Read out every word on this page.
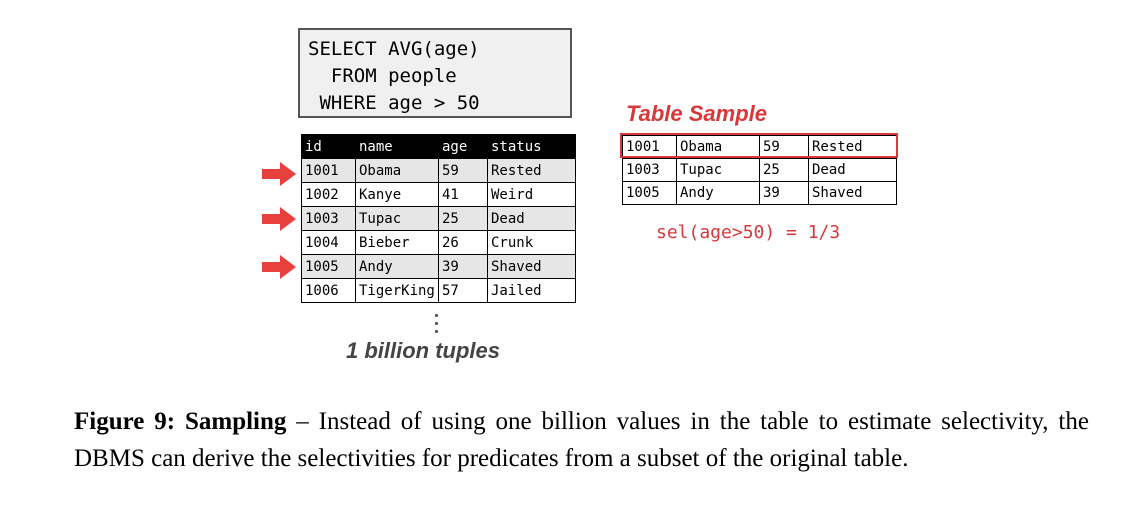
SELECT AVG(age)
FROM people
WHERE age > 50
id	name	age	status
1001	Obama	59	Rested
1002	Kanye	41	Weird
1003	Tupac	25	Dead
1004	Bieber	26	Crunk
1005	Andy	39	Shaved
1006	TigerKing	57	Jailed
1 billion tuples
Table Sample
1001	Obama	59	Rested
1003	Tupac	25	Dead
1005	Andy	39	Shaved
sel(age>50) = 1/3
Figure 9: Sampling – Instead of using one billion values in the table to estimate selectivity, the DBMS can derive the selectivities for predicates from a subset of the original table.
